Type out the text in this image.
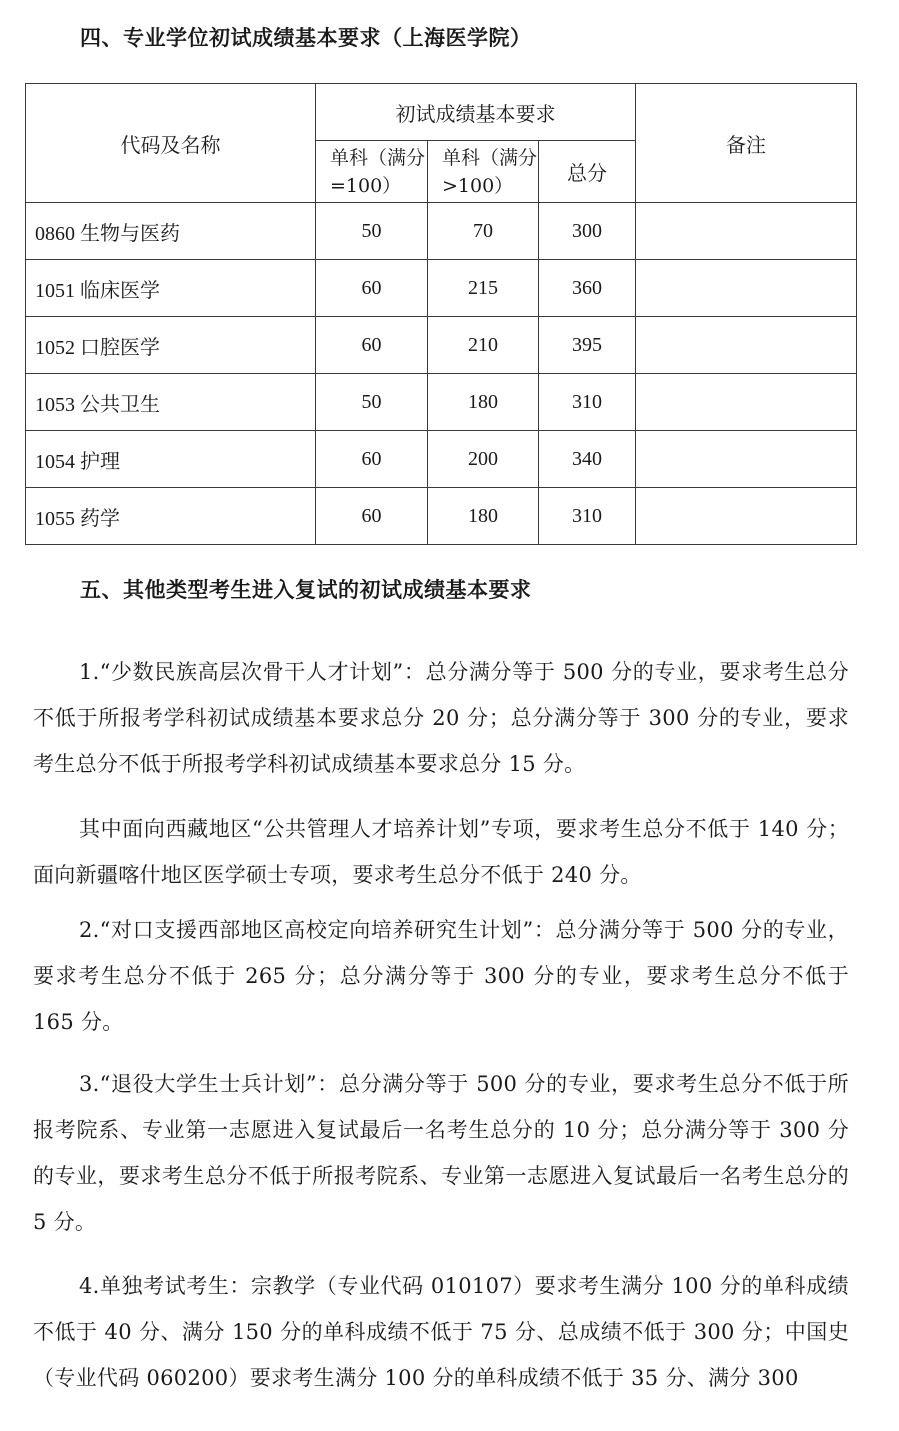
四、专业学位初试成绩基本要求（上海医学院）
代码及名称	初试成绩基本要求			备注
	单科（满分=100）	单科（满分>100）	总分	
0860 生物与医药	50	70	300	
1051 临床医学	60	215	360	
1052 口腔医学	60	210	395	
1053 公共卫生	50	180	310	
1054 护理	60	200	340	
1055 药学	60	180	310	
五、其他类型考生进入复试的初试成绩基本要求

1.“少数民族高层次骨干人才计划”：总分满分等于 500 分的专业，要求考生总分不低于所报考学科初试成绩基本要求总分 20 分；总分满分等于 300 分的专业，要求考生总分不低于所报考学科初试成绩基本要求总分 15 分。

其中面向西藏地区“公共管理人才培养计划”专项，要求考生总分不低于 140 分；面向新疆喀什地区医学硕士专项，要求考生总分不低于 240 分。

2.“对口支援西部地区高校定向培养研究生计划”：总分满分等于 500 分的专业，要求考生总分不低于 265 分；总分满分等于 300 分的专业，要求考生总分不低于 165 分。

3.“退役大学生士兵计划”：总分满分等于 500 分的专业，要求考生总分不低于所报考院系、专业第一志愿进入复试最后一名考生总分的 10 分；总分满分等于 300 分的专业，要求考生总分不低于所报考院系、专业第一志愿进入复试最后一名考生总分的 5 分。

4.单独考试考生：宗教学（专业代码 010107）要求考生满分 100 分的单科成绩不低于 40 分、满分 150 分的单科成绩不低于 75 分、总成绩不低于 300 分；中国史（专业代码 060200）要求考生满分 100 分的单科成绩不低于 35 分、满分 300
